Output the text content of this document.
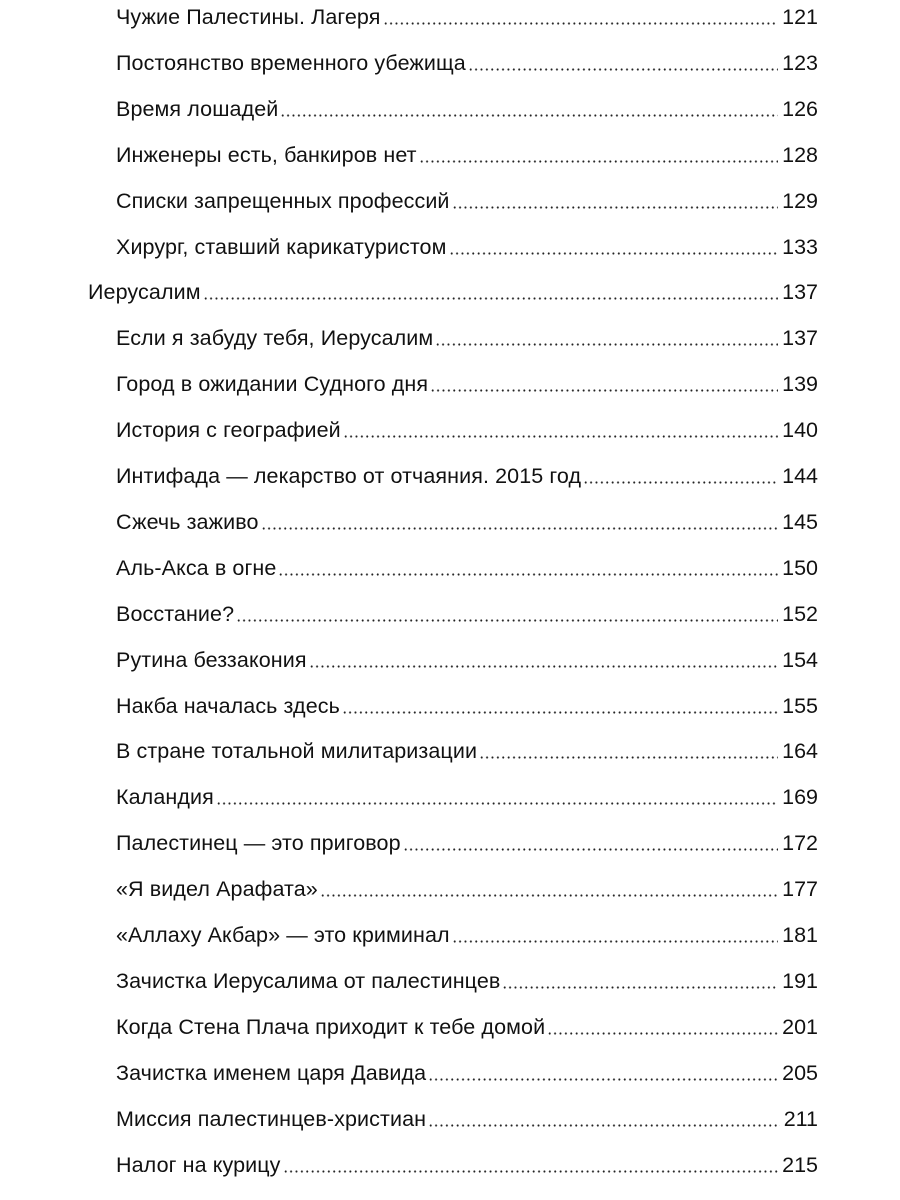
Чужие Палестины. Лагеря	121
Постоянство временного убежища	123
Время лошадей	126
Инженеры есть, банкиров нет	128
Списки запрещенных профессий	129
Хирург, ставший карикатуристом	133
Иерусалим	137
Если я забуду тебя, Иерусалим	137
Город в ожидании Судного дня	139
История с географией	140
Интифада — лекарство от отчаяния. 2015 год	144
Сжечь заживо	145
Аль-Акса в огне	150
Восстание?	152
Рутина беззакония	154
Накба началась здесь	155
В стране тотальной милитаризации	164
Каландия	169
Палестинец — это приговор	172
«Я видел Арафата»	177
«Аллаху Акбар» — это криминал	181
Зачистка Иерусалима от палестинцев	191
Когда Стена Плача приходит к тебе домой	201
Зачистка именем царя Давида	205
Миссия палестинцев-христиан	211
Налог на курицу	215
